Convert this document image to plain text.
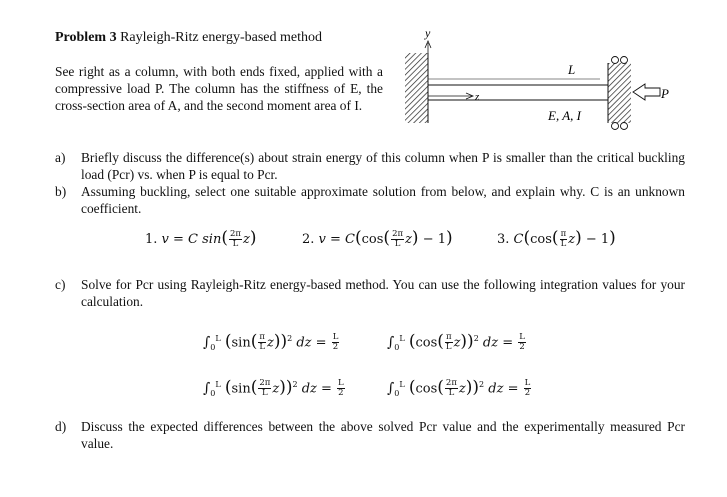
Problem 3 Rayleigh-Ritz energy-based method
See right as a column, with both ends fixed, applied with a compressive load P. The column has the stiffness of E, the cross-section area of A, and the second moment area of I.
y
z
L
E, A, I
P
a)	Briefly discuss the difference(s) about strain energy of this column when P is smaller than the critical buckling load (Pcr) vs. when P is equal to Pcr.
b)	Assuming buckling, select one suitable approximate solution from below, and explain why. C is an unknown coefficient.
1. v = C $\sin( \frac{2\pi}{L} z)$	2. $v = C(\cos( \frac{2\pi}{L} z) - 1)$	3. $C(\cos( \frac{\pi}{L} z) - 1)$
c)	Solve for Pcr using Rayleigh-Ritz energy-based method. You can use the following integration values for your calculation.
$\int_0^L$ $(\sin( \frac{\pi}{L} z))^2$ dz = $\frac{L}{2}$	$\int_0^L$ $(\cos( \frac{\pi}{L} z))^2$ dz = $\frac{L}{2}$
$\int_0^L$ $(\sin( \frac{2\pi}{L} z))^2$ dz = $\frac{L}{2}$	$\int_0^L$ $(\cos( \frac{2\pi}{L} z))^2$ dz = $\frac{L}{2}$
d)	Discuss the expected differences between the above solved Pcr value and the experimentally measured Pcr value.
